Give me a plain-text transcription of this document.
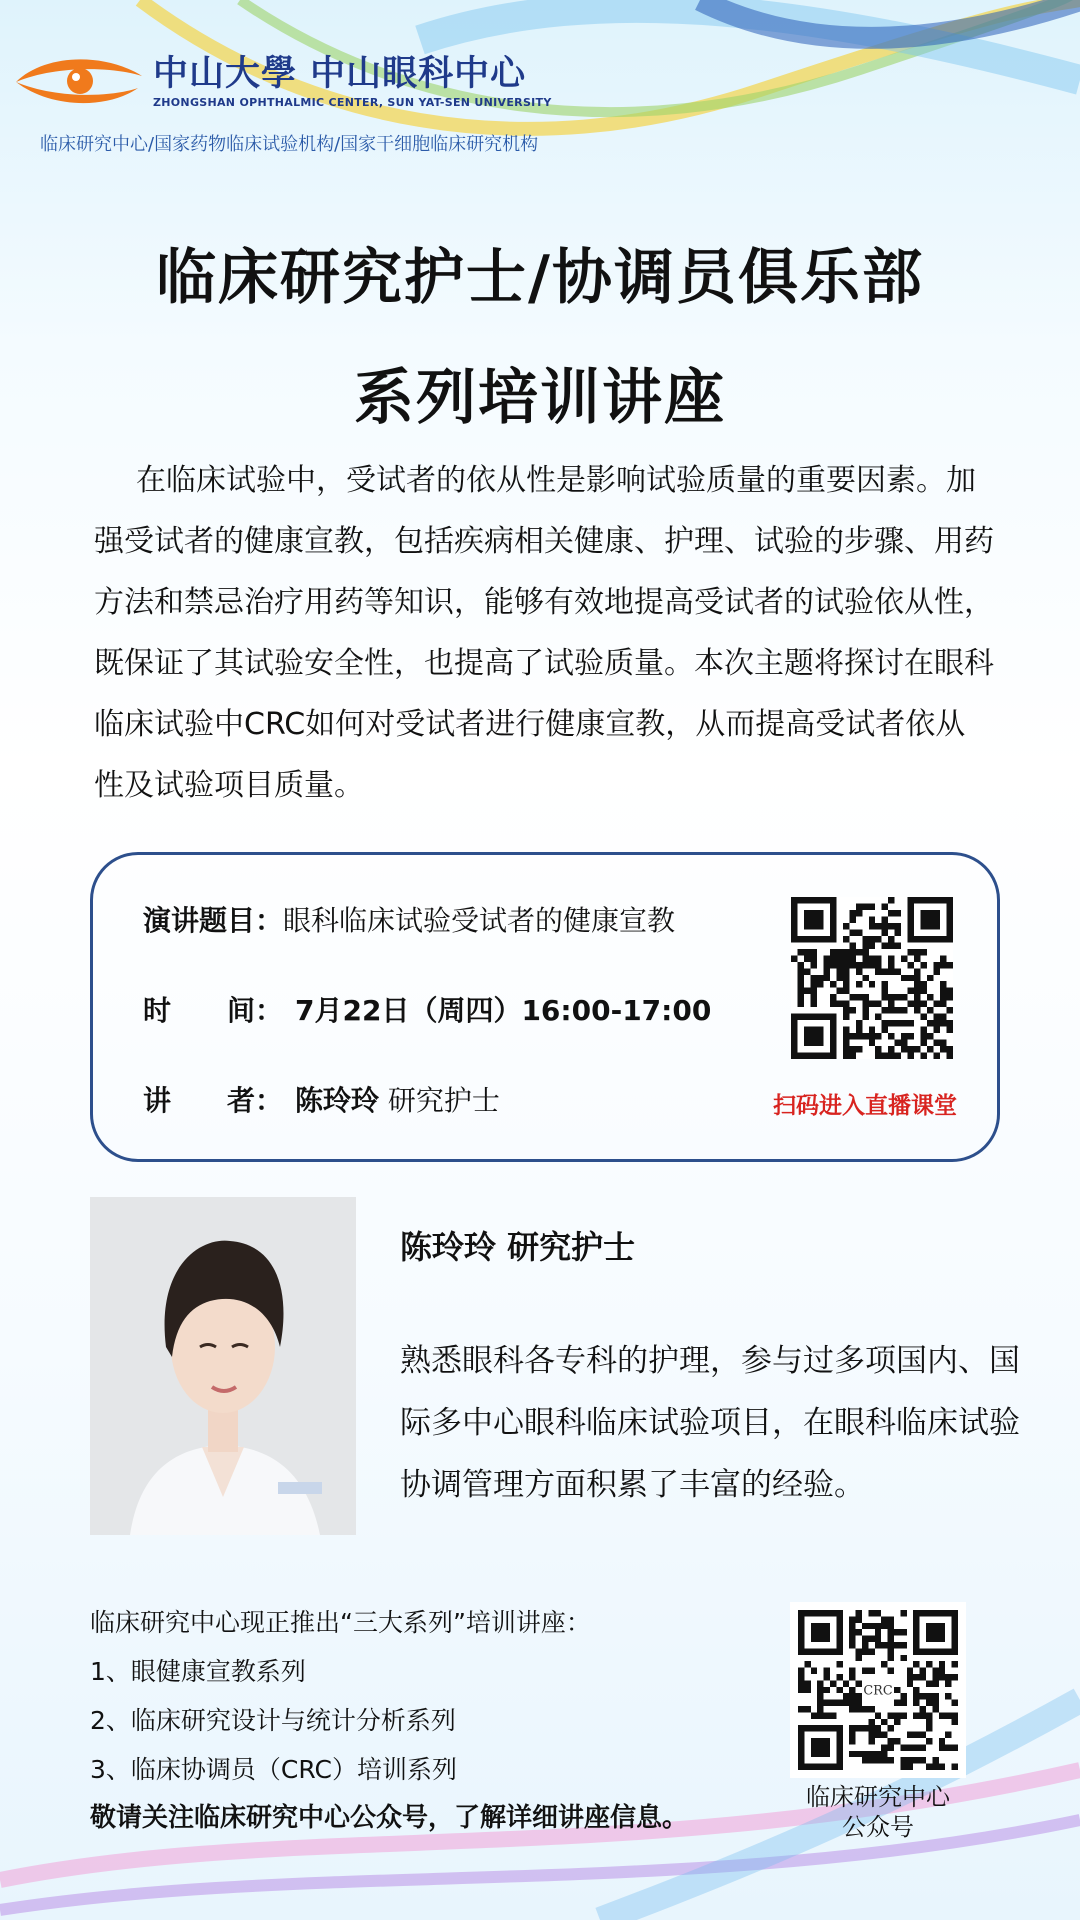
中山大學 中山眼科中心
ZHONGSHAN OPHTHALMIC CENTER, SUN YAT-SEN UNIVERSITY
临床研究中心/国家药物临床试验机构/国家干细胞临床研究机构
临床研究护士/协调员俱乐部
系列培训讲座
在临床试验中，受试者的依从性是影响试验质量的重要因素。加强受试者的健康宣教，包括疾病相关健康、护理、试验的步骤、用药方法和禁忌治疗用药等知识，能够有效地提高受试者的试验依从性，既保证了其试验安全性，也提高了试验质量。本次主题将探讨在眼科临床试验中CRC如何对受试者进行健康宣教，从而提高受试者依从性及试验项目质量。
演讲题目：眼科临床试验受试者的健康宣教
时　　间： 7月22日（周四）16:00-17:00
讲　　者： 陈玲玲 研究护士	扫码进入直播课堂
陈玲玲 研究护士
熟悉眼科各专科的护理，参与过多项国内、国际多中心眼科临床试验项目，在眼科临床试验协调管理方面积累了丰富的经验。
临床研究中心现正推出“三大系列”培训讲座：
1、眼健康宣教系列
2、临床研究设计与统计分析系列
3、临床协调员（CRC）培训系列
敬请关注临床研究中心公众号，了解详细讲座信息。
CRC
临床研究中心
公众号
